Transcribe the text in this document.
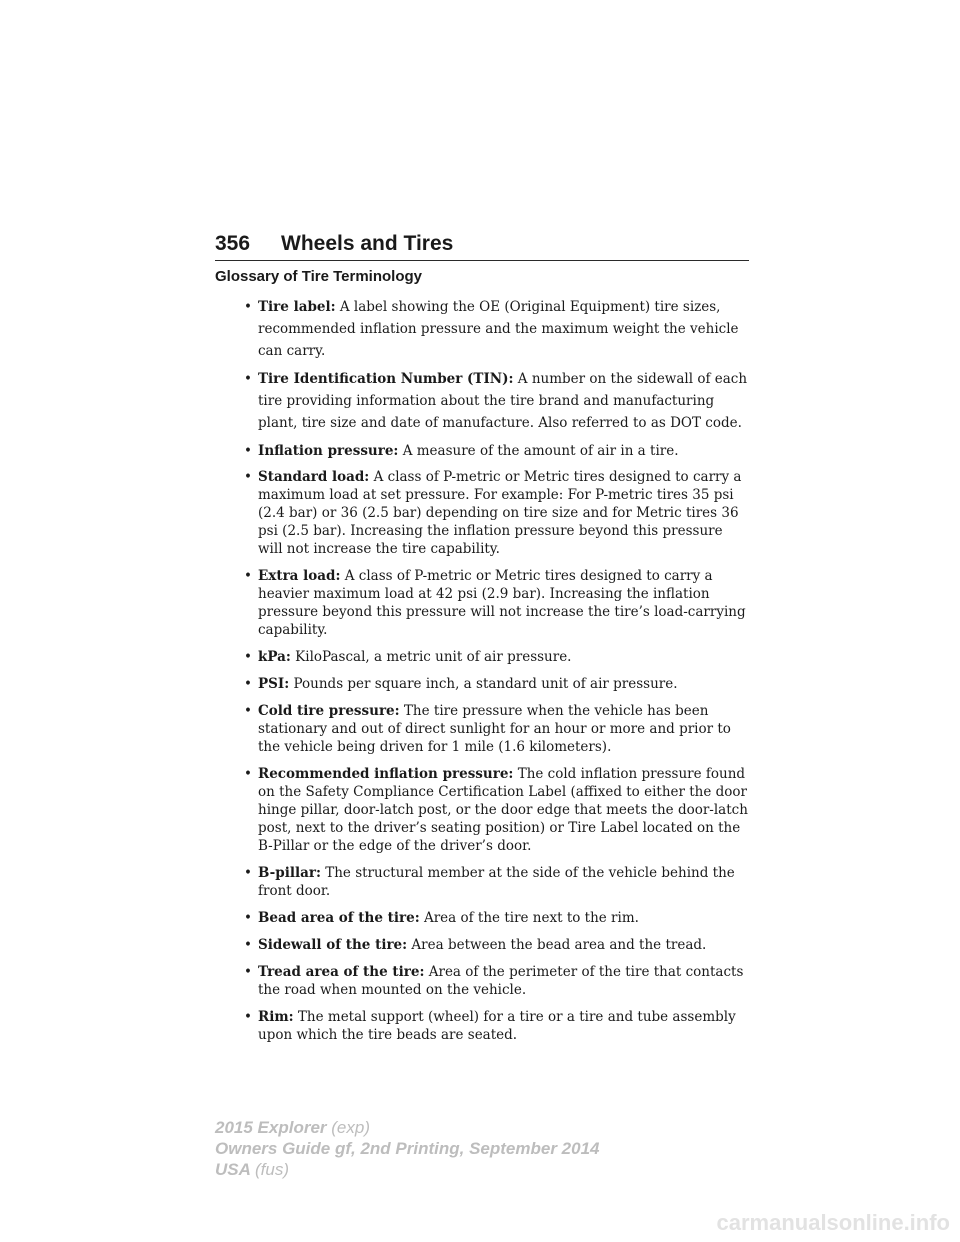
356 Wheels and Tires
Glossary of Tire Terminology
• Tire label: A label showing the OE (Original Equipment) tire sizes, recommended inflation pressure and the maximum weight the vehicle can carry.
• Tire Identification Number (TIN): A number on the sidewall of each tire providing information about the tire brand and manufacturing plant, tire size and date of manufacture. Also referred to as DOT code.
• Inflation pressure: A measure of the amount of air in a tire.
• Standard load: A class of P-metric or Metric tires designed to carry a maximum load at set pressure. For example: For P-metric tires 35 psi (2.4 bar) or 36 (2.5 bar) depending on tire size and for Metric tires 36 psi (2.5 bar). Increasing the inflation pressure beyond this pressure will not increase the tire capability.
• Extra load: A class of P-metric or Metric tires designed to carry a heavier maximum load at 42 psi (2.9 bar). Increasing the inflation pressure beyond this pressure will not increase the tire’s load-carrying capability.
• kPa: KiloPascal, a metric unit of air pressure.
• PSI: Pounds per square inch, a standard unit of air pressure.
• Cold tire pressure: The tire pressure when the vehicle has been stationary and out of direct sunlight for an hour or more and prior to the vehicle being driven for 1 mile (1.6 kilometers).
• Recommended inflation pressure: The cold inflation pressure found on the Safety Compliance Certification Label (affixed to either the door hinge pillar, door-latch post, or the door edge that meets the door-latch post, next to the driver’s seating position) or Tire Label located on the B-Pillar or the edge of the driver’s door.
• B-pillar: The structural member at the side of the vehicle behind the front door.
• Bead area of the tire: Area of the tire next to the rim.
• Sidewall of the tire: Area between the bead area and the tread.
• Tread area of the tire: Area of the perimeter of the tire that contacts the road when mounted on the vehicle.
• Rim: The metal support (wheel) for a tire or a tire and tube assembly upon which the tire beads are seated.
2015 Explorer (exp)
Owners Guide gf, 2nd Printing, September 2014
USA (fus)
carmanualsonline.info
